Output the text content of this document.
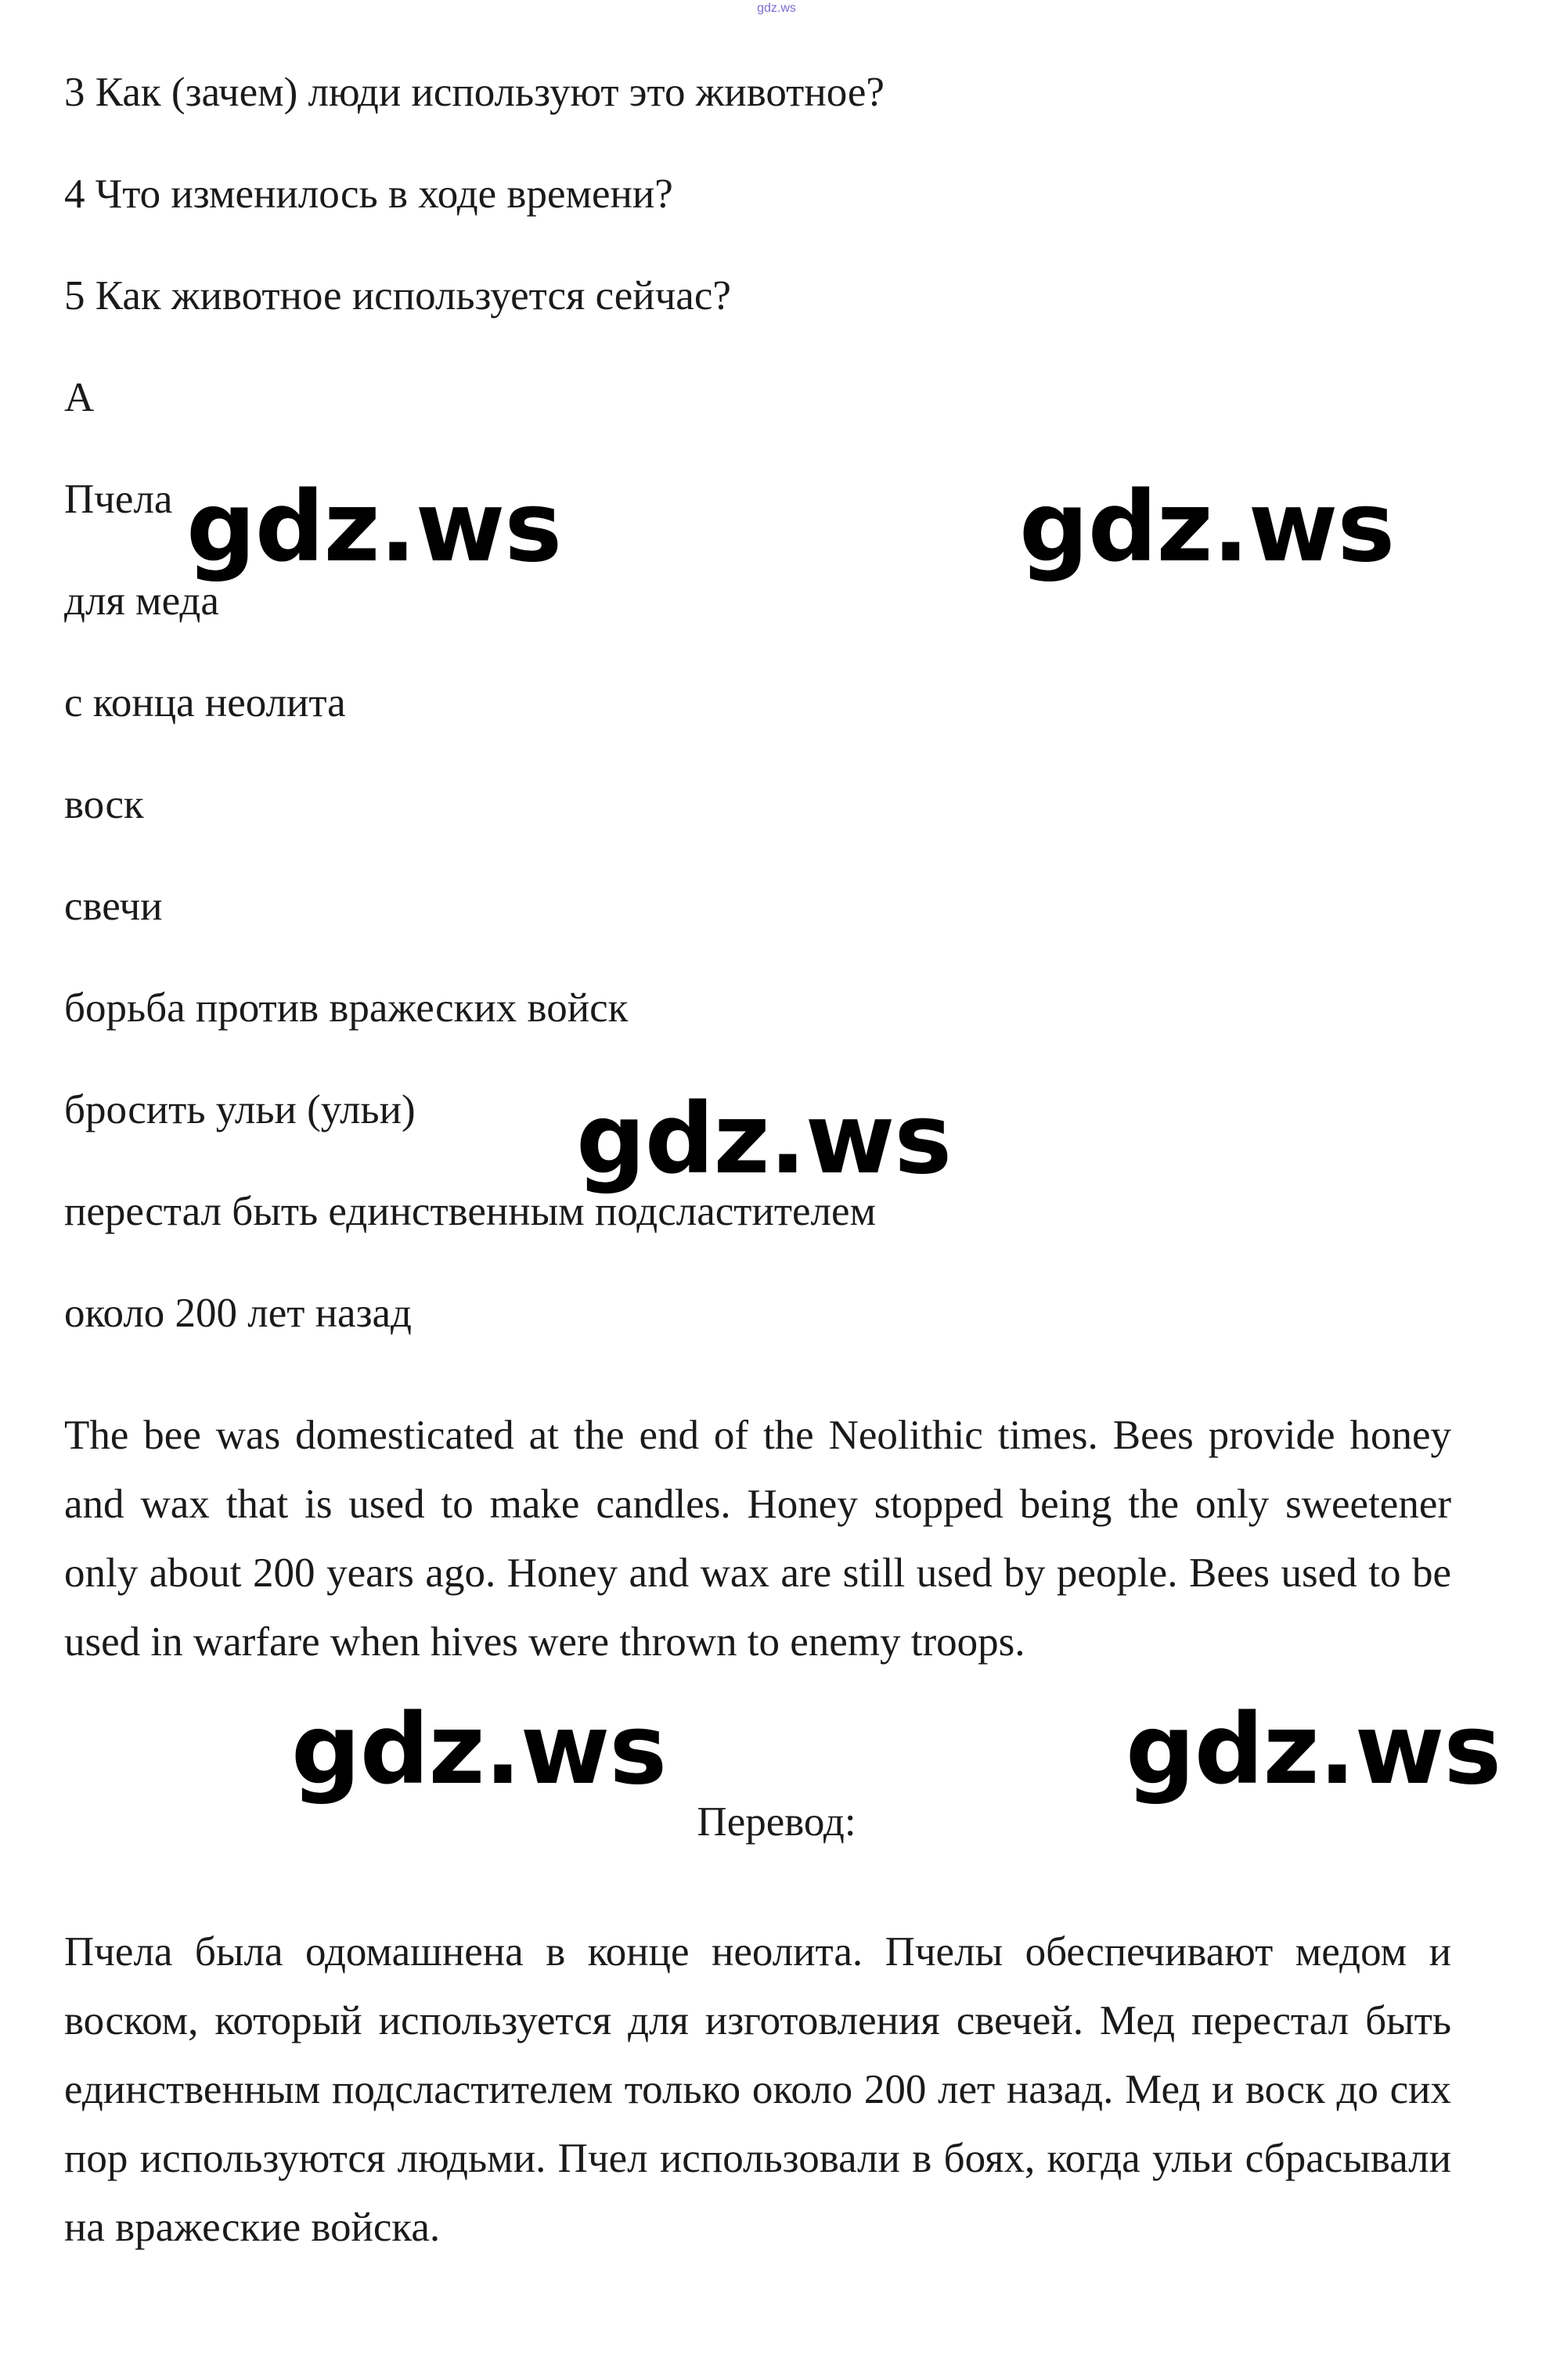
gdz.ws
3 Как (зачем) люди используют это животное?
4 Что изменилось в ходе времени?
5 Как животное используется сейчас?
A
Пчела
для меда
с конца неолита
воск
свечи
борьба против вражеских войск
бросить ульи (ульи)
перестал быть единственным подсластителем
около 200 лет назад
The bee was domesticated at the end of the Neolithic times. Bees provide honey and wax that is used to make candles. Honey stopped being the only sweetener only about 200 years ago. Honey and wax are still used by people. Bees used to be used in warfare when hives were thrown to enemy troops.
Перевод:
Пчела была одомашнена в конце неолита. Пчелы обеспечивают медом и воском, который используется для изготовления свечей. Мед перестал быть единственным подсластителем только около 200 лет назад. Мед и воск до сих пор используются людьми. Пчел использовали в боях, когда ульи сбрасывали на вражеские войска.
gdz.ws	gdz.ws
gdz.ws
gdz.ws	gdz.ws
